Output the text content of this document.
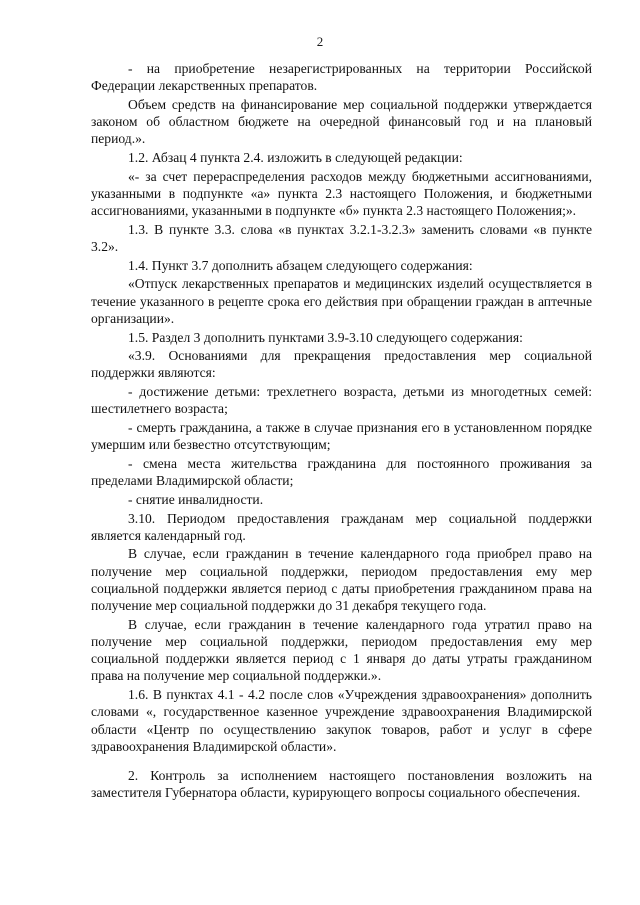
2

- на приобретение незарегистрированных на территории Российской Федерации лекарственных препаратов.

Объем средств на финансирование мер социальной поддержки утверждается законом об областном бюджете на очередной финансовый год и на плановый период.».

1.2. Абзац 4 пункта 2.4. изложить в следующей редакции:

«- за счет перераспределения расходов между бюджетными ассигнованиями, указанными в подпункте «а» пункта 2.3 настоящего Положения, и бюджетными ассигнованиями, указанными в подпункте «б» пункта 2.3 настоящего Положения;».

1.3. В пункте 3.3. слова «в пунктах 3.2.1-3.2.3» заменить словами «в пункте 3.2».

1.4. Пункт 3.7 дополнить абзацем следующего содержания:

«Отпуск лекарственных препаратов и медицинских изделий осуществляется в течение указанного в рецепте срока его действия при обращении граждан в аптечные организации».

1.5. Раздел 3 дополнить пунктами 3.9-3.10 следующего содержания:

«3.9. Основаниями для прекращения предоставления мер социальной поддержки являются:

- достижение детьми: трехлетнего возраста, детьми из многодетных семей: шестилетнего возраста;

- смерть гражданина, а также в случае признания его в установленном порядке умершим или безвестно отсутствующим;

- смена места жительства гражданина для постоянного проживания за пределами Владимирской области;

- снятие инвалидности.

3.10. Периодом предоставления гражданам мер социальной поддержки является календарный год.

В случае, если гражданин в течение календарного года приобрел право на получение мер социальной поддержки, периодом предоставления ему мер социальной поддержки является период с даты приобретения гражданином права на получение мер социальной поддержки до 31 декабря текущего года.

В случае, если гражданин в течение календарного года утратил право на получение мер социальной поддержки, периодом предоставления ему мер социальной поддержки является период с 1 января до даты утраты гражданином права на получение мер социальной поддержки.».

1.6. В пунктах 4.1 - 4.2 после слов «Учреждения здравоохранения» дополнить словами «, государственное казенное учреждение здравоохранения Владимирской области «Центр по осуществлению закупок товаров, работ и услуг в сфере здравоохранения Владимирской области».

2. Контроль за исполнением настоящего постановления возложить на заместителя Губернатора области, курирующего вопросы социального обеспечения.
